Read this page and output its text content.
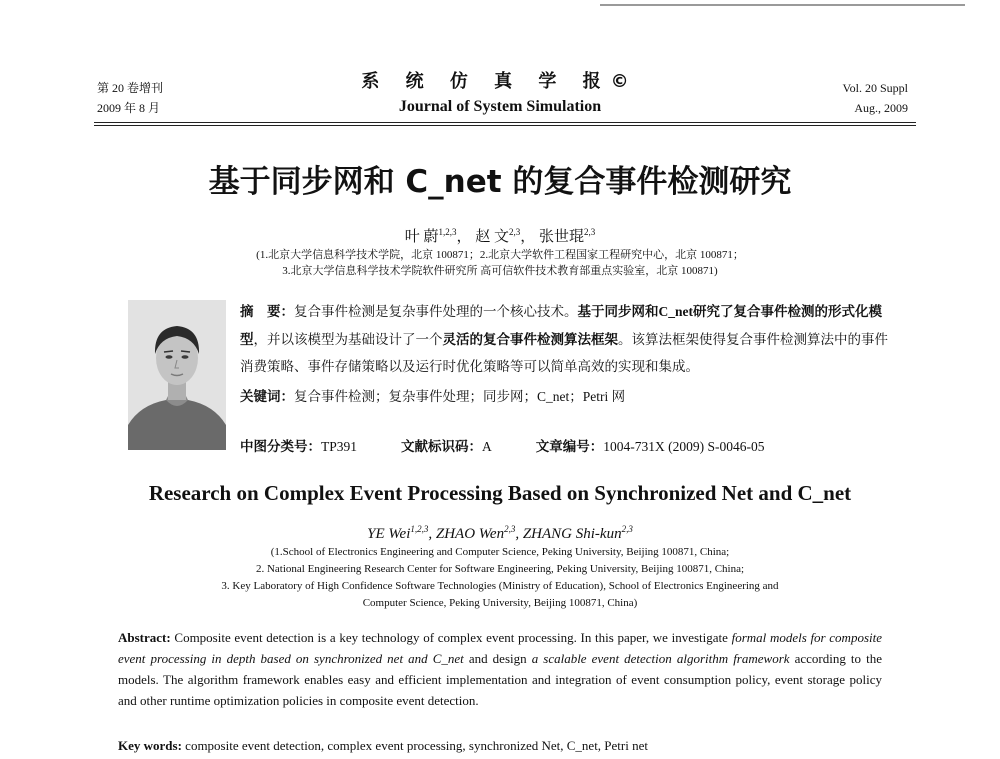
第 20 卷增刊
2009 年 8 月
系 统 仿 真 学 报©
Journal of System Simulation
Vol. 20 Suppl
Aug., 2009
基于同步网和 C_net 的复合事件检测研究
叶 蔚$^{1,2,3}$， 赵 文$^{2,3}$， 张世琨$^{2,3}$
(1.北京大学信息科学技术学院，北京 100871；2.北京大学软件工程国家工程研究中心，北京 100871；
3.北京大学信息科学技术学院软件研究所 高可信软件技术教育部重点实验室，北京 100871)
摘　要：复合事件检测是复杂事件处理的一个核心技术。基于同步网和C_net研究了复合事件检测的形式化模型，并以该模型为基础设计了一个灵活的复合事件检测算法框架。该算法框架使得复合事件检测算法中的事件消费策略、事件存储策略以及运行时优化策略等可以简单高效的实现和集成。
关键词：复合事件检测；复杂事件处理；同步网；C_net；Petri 网
中图分类号：TP391	文献标识码：A	文章编号：1004-731X (2009) S-0046-05
Research on Complex Event Processing Based on Synchronized Net and C_net
YE Wei$^{1,2,3}$, ZHAO Wen$^{2,3}$, ZHANG Shi-kun$^{2,3}$
(1.School of Electronics Engineering and Computer Science, Peking University, Beijing 100871, China;
2. National Engineering Research Center for Software Engineering, Peking University, Beijing 100871, China;
3. Key Laboratory of High Confidence Software Technologies (Ministry of Education), School of Electronics Engineering and
Computer Science, Peking University, Beijing 100871, China)
Abstract: Composite event detection is a key technology of complex event processing. In this paper, we investigate formal models for composite event processing in depth based on synchronized net and C_net and design a scalable event detection algorithm framework according to the models. The algorithm framework enables easy and efficient implementation and integration of event consumption policy, event storage policy and other runtime optimization policies in composite event detection.
Key words: composite event detection, complex event processing, synchronized Net, C_net, Petri net
